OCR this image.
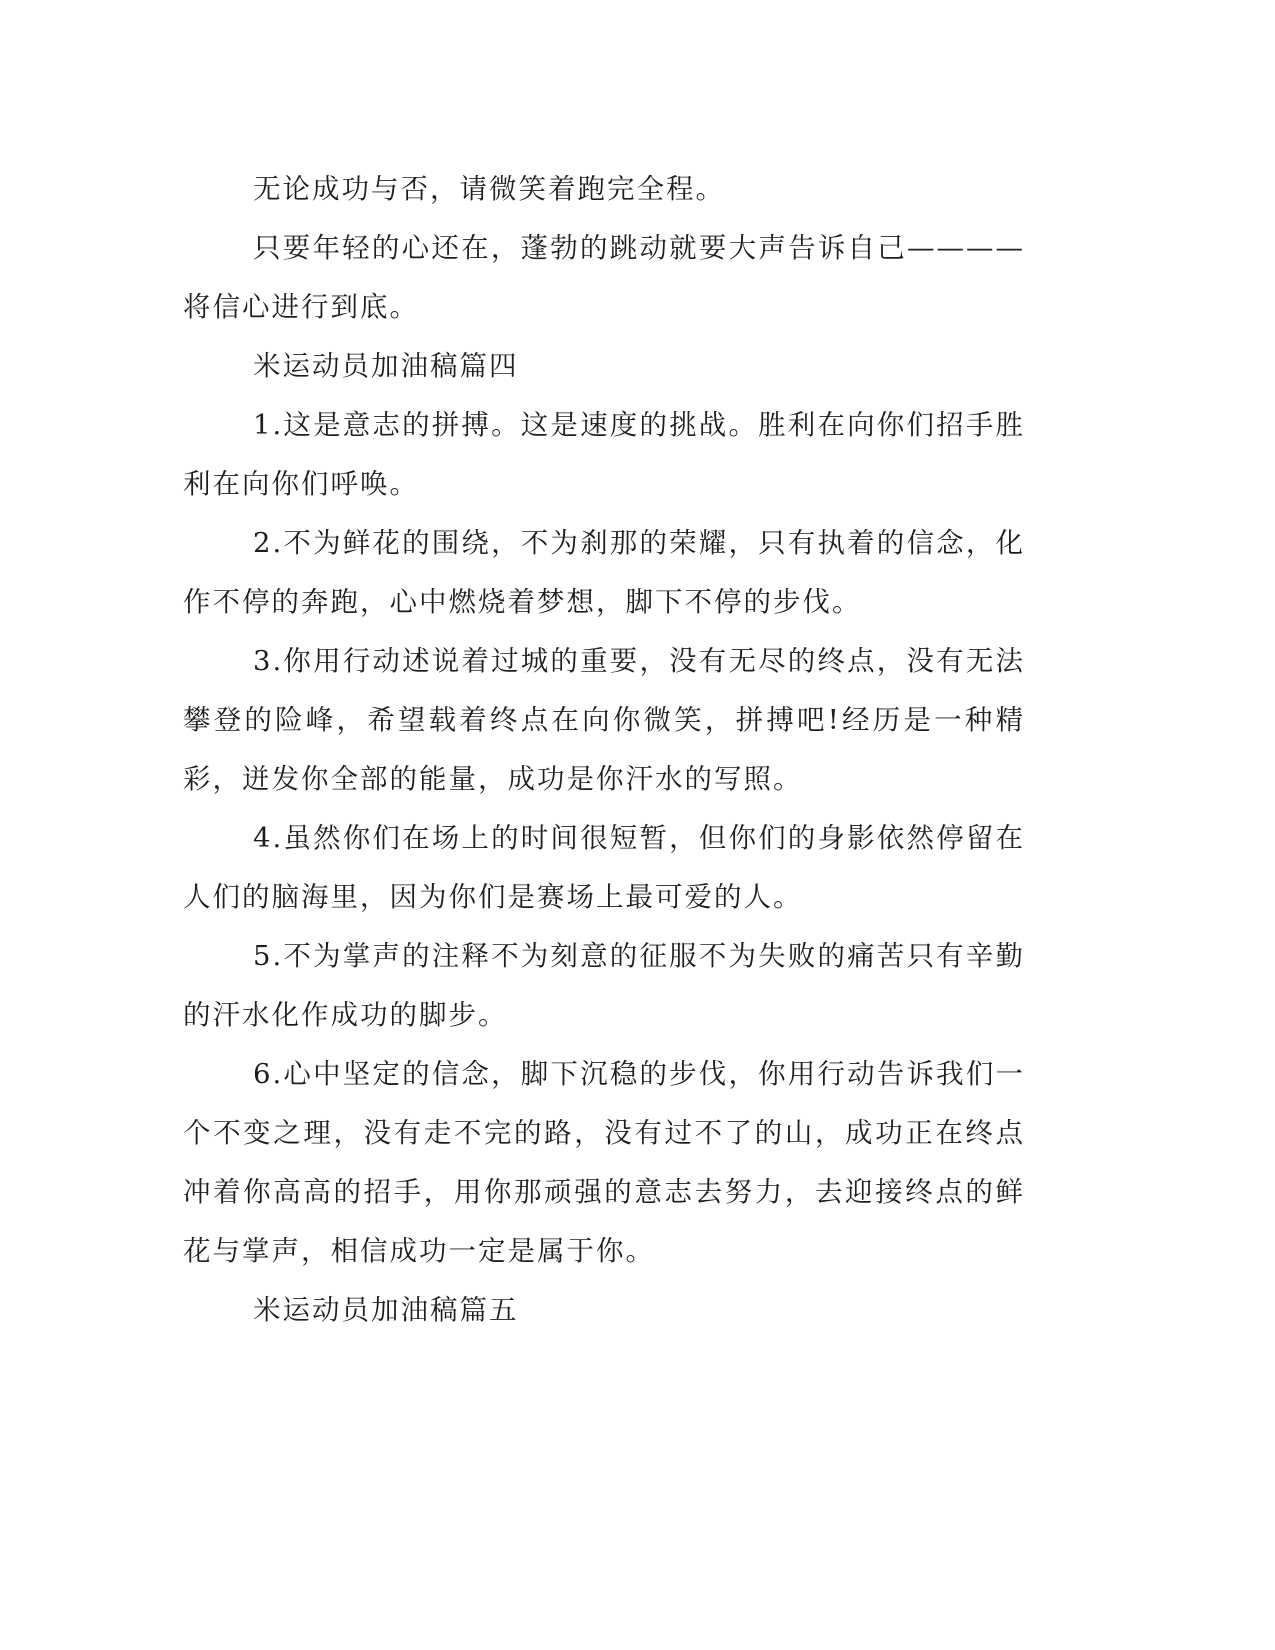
无论成功与否，请微笑着跑完全程。

只要年轻的心还在，蓬勃的跳动就要大声告诉自己————将信心进行到底。

米运动员加油稿篇四

1.这是意志的拼搏。这是速度的挑战。胜利在向你们招手胜利在向你们呼唤。

2.不为鲜花的围绕，不为刹那的荣耀，只有执着的信念，化作不停的奔跑，心中燃烧着梦想，脚下不停的步伐。

3.你用行动述说着过城的重要，没有无尽的终点，没有无法攀登的险峰，希望载着终点在向你微笑，拼搏吧!经历是一种精彩，迸发你全部的能量，成功是你汗水的写照。

4.虽然你们在场上的时间很短暂，但你们的身影依然停留在人们的脑海里，因为你们是赛场上最可爱的人。

5.不为掌声的注释不为刻意的征服不为失败的痛苦只有辛勤的汗水化作成功的脚步。

6.心中坚定的信念，脚下沉稳的步伐，你用行动告诉我们一个不变之理，没有走不完的路，没有过不了的山，成功正在终点冲着你高高的招手，用你那顽强的意志去努力，去迎接终点的鲜花与掌声，相信成功一定是属于你。

米运动员加油稿篇五
